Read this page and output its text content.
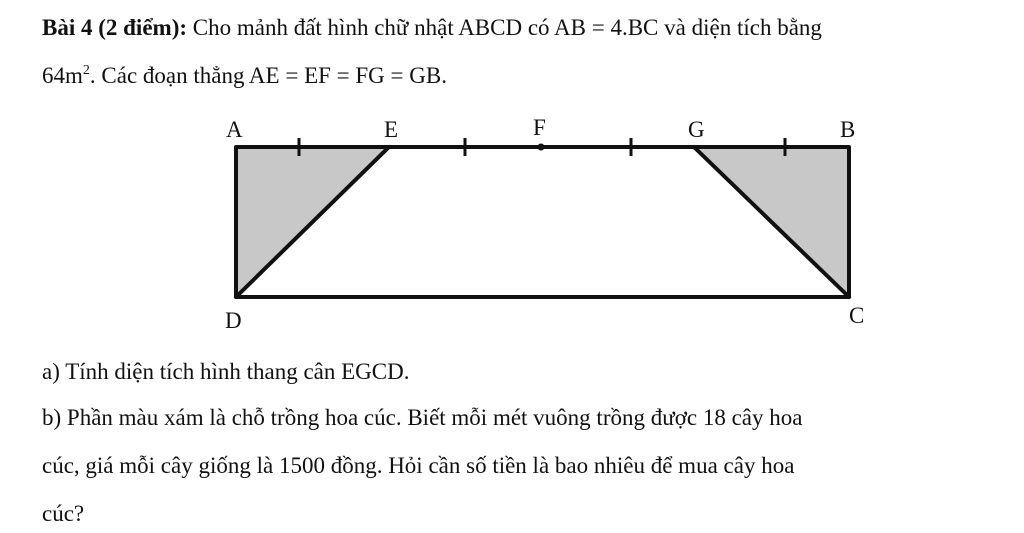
Bài 4 (2 điểm): Cho mảnh đất hình chữ nhật ABCD có AB = 4.BC và diện tích bằng
$64m^2$. Các đoạn thẳng AE = EF = FG = GB.
A	E	F	G	B
D	C
a) Tính diện tích hình thang cân EGCD.
b) Phần màu xám là chỗ trồng hoa cúc. Biết mỗi mét vuông trồng được 18 cây hoa
cúc, giá mỗi cây giống là 1500 đồng. Hỏi cần số tiền là bao nhiêu để mua cây hoa
cúc?
